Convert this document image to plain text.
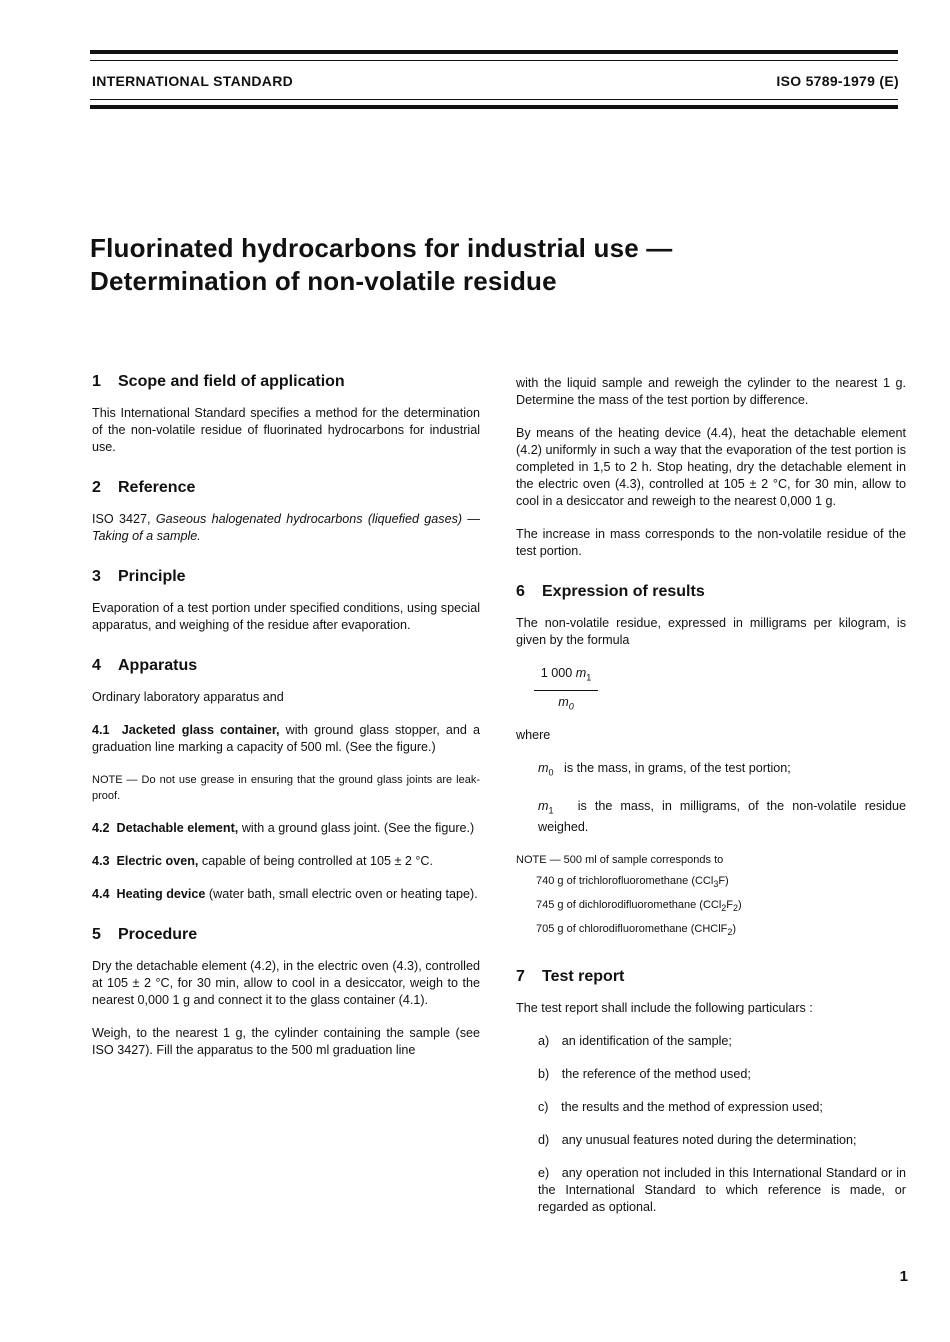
INTERNATIONAL STANDARD	ISO 5789-1979 (E)
Fluorinated hydrocarbons for industrial use —
Determination of non-volatile residue
1 Scope and field of application

This International Standard specifies a method for the determination of the non-volatile residue of fluorinated hydrocarbons for industrial use.

2 Reference

ISO 3427, Gaseous halogenated hydrocarbons (liquefied gases) — Taking of a sample.

3 Principle

Evaporation of a test portion under specified conditions, using special apparatus, and weighing of the residue after evaporation.

4 Apparatus

Ordinary laboratory apparatus and

4.1 Jacketed glass container, with ground glass stopper, and a graduation line marking a capacity of 500 ml. (See the figure.)

NOTE — Do not use grease in ensuring that the ground glass joints are leak-proof.

4.2 Detachable element, with a ground glass joint. (See the figure.)

4.3 Electric oven, capable of being controlled at 105 ± 2 °C.

4.4 Heating device (water bath, small electric oven or heating tape).

5 Procedure

Dry the detachable element (4.2), in the electric oven (4.3), controlled at 105 ± 2 °C, for 30 min, allow to cool in a desiccator, weigh to the nearest 0,000 1 g and connect it to the glass container (4.1).

Weigh, to the nearest 1 g, the cylinder containing the sample (see ISO 3427). Fill the apparatus to the 500 ml graduation line

with the liquid sample and reweigh the cylinder to the nearest 1 g. Determine the mass of the test portion by difference.

By means of the heating device (4.4), heat the detachable element (4.2) uniformly in such a way that the evaporation of the test portion is completed in 1,5 to 2 h. Stop heating, dry the detachable element in the electric oven (4.3), controlled at 105 ± 2 °C, for 30 min, allow to cool in a desiccator and reweigh to the nearest 0,000 1 g.

The increase in mass corresponds to the non-volatile residue of the test portion.

6 Expression of results

The non-volatile residue, expressed in milligrams per kilogram, is given by the formula

1 000 $m_1$
$m_0$

where

$m_0$ is the mass, in grams, of the test portion;

$m_1$ is the mass, in milligrams, of the non-volatile residue weighed.

NOTE — 500 ml of sample corresponds to
740 g of trichlorofluoromethane (CCl$_3$F)
745 g of dichlorodifluoromethane $(CCl_2F_2)$
705 g of chlorodifluoromethane (CHClF$_2$)
7 Test report

The test report shall include the following particulars :

a) an identification of the sample;

b) the reference of the method used;

c) the results and the method of expression used;

d) any unusual features noted during the determination;

e) any operation not included in this International Standard or in the International Standard to which reference is made, or regarded as optional.

1
